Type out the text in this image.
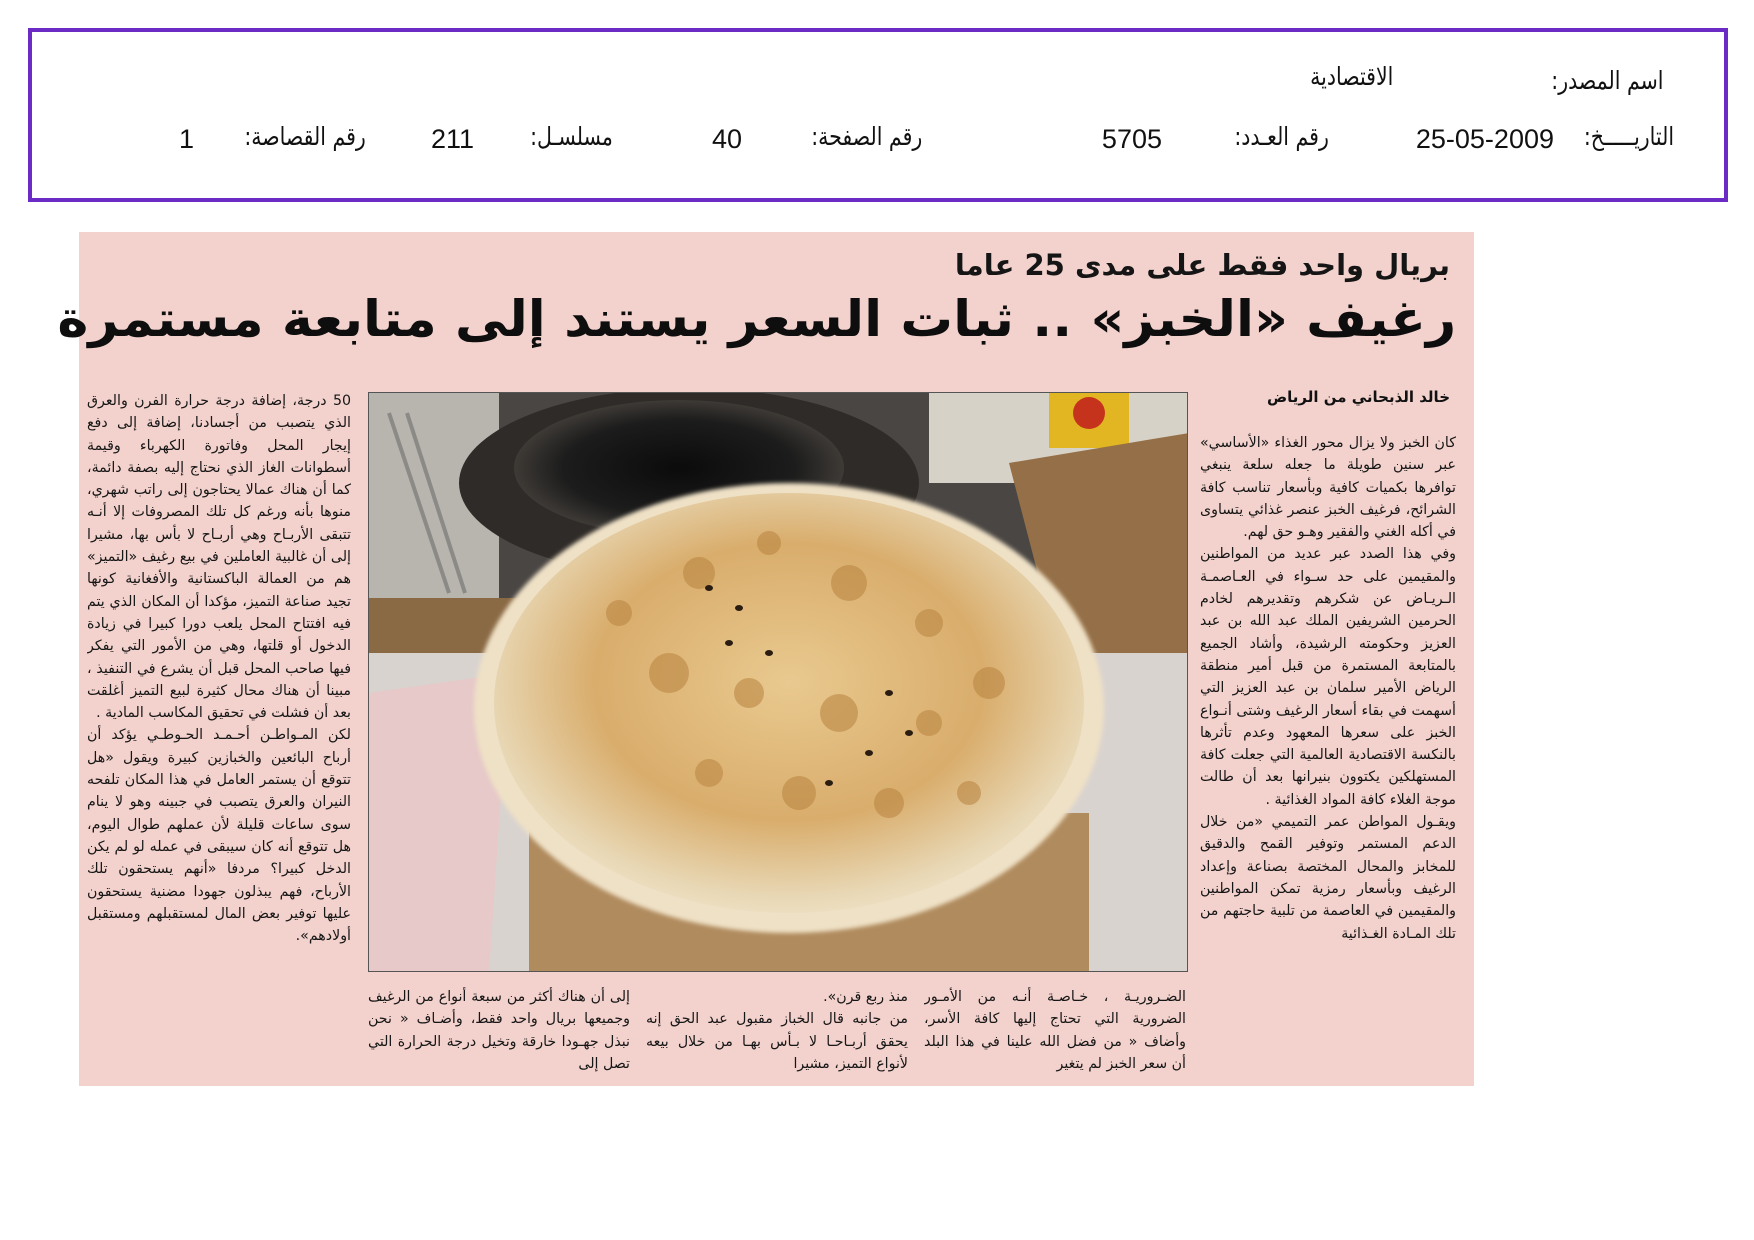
اسم المصدر:
الاقتصادية
التاريـــــخ:
25-05-2009
رقم العـدد:
5705
رقم الصفحة:
40
مسلسـل:
211
رقم القصاصة:
1
بريال واحد فقط على مدى 25 عاما
رغيف «الخبز» .. ثبات السعر يستند إلى متابعة مستمرة
خالد الذبحاني من الرياض
كان الخبز ولا يزال محور الغذاء «الأساسي» عبر سنين طويلة ما جعله سلعة ينبغي توافرها بكميات كافية وبأسعار تناسب كافة الشرائح، فرغيف الخبز عنصر غذائي يتساوى في أكله الغني والفقير وهـو حق لهم.
وفي هذا الصدد عبر عديد من المواطنين والمقيمين على حد سـواء في العـاصمـة الـريـاض عن شكرهم وتقديرهم لخادم الحرمين الشريفين الملك عبد الله بن عبد العزيز وحكومته الرشيدة، وأشاد الجميع بالمتابعة المستمرة من قبل أمير منطقة الرياض الأمير سلمان بن عبد العزيز التي أسهمت في بقاء أسعار الرغيف وشتى أنـواع الخبز على سعرها المعهود وعدم تأثرها بالنكسة الاقتصادية العالمية التي جعلت كافة المستهلكين يكتوون بنيرانها بعد أن طالت موجة الغلاء كافة المواد الغذائية .
ويقـول المواطن عمر التميمي «من خلال الدعم المستمر وتوفير القمح والدقيق للمخابز والمحال المختصة بصناعة وإعداد الرغيف وبأسعار رمزية تمكن المواطنين والمقيمين في العاصمة من تلبية حاجتهم من تلك المـادة الغـذائية
50 درجة، إضافة درجة حرارة الفرن والعرق الذي يتصبب من أجسادنا، إضافة إلى دفع إيجار المحل وفاتورة الكهرباء وقيمة أسطوانات الغاز الذي نحتاج إليه بصفة دائمة، كما أن هناك عمالا يحتاجون إلى راتب شهري، منوها بأنه ورغم كل تلك المصروفات إلا أنـه تتبقى الأربـاح وهي أربـاح لا بأس بها، مشيرا إلى أن غالبية العاملين في بيع رغيف «التميز» هم من العمالة الباكستانية والأفغانية كونها تجيد صناعة التميز، مؤكدا أن المكان الذي يتم فيه افتتاح المحل يلعب دورا كبيرا في زيادة الدخول أو قلتها، وهي من الأمور التي يفكر فيها صاحب المحل قبل أن يشرع في التنفيذ ، مبينا أن هناك محال كثيرة لبيع التميز أغلقت بعد أن فشلت في تحقيق المكاسب المادية .
لكن المـواطـن أحـمـد الحـوطـي يؤكد أن أرباح البائعين والخبازين كبيرة ويقول «هل تتوقع أن يستمر العامل في هذا المكان تلفحه النيران والعرق يتصبب في جبينه وهو لا ينام سوى ساعات قليلة لأن عملهم طوال اليوم، هل تتوقع أنه كان سيبقى في عمله لو لم يكن الدخل كبيرا؟ مردفا «أنهم يستحقون تلك الأرباح، فهم يبذلون جهودا مضنية يستحقون عليها توفير بعض المال لمستقبلهم ومستقبل أولادهم».
الضـروريـة ، خـاصـة أنـه من الأمـور الضرورية التي تحتاج إليها كافة الأسر، وأضاف « من فضل الله علينا في هذا البلد أن سعر الخبز لم يتغير
منذ ربع قرن».
من جانبه قال الخباز مقبول عبد الحق إنه يحقق أربـاحـا لا بـأس بهـا من خلال بيعه لأنواع التميز، مشيرا
إلى أن هناك أكثر من سبعة أنواع من الرغيف وجميعها بريال واحد فقط، وأضـاف « نحن نبذل جهـودا خارقة وتخيل درجة الحرارة التي تصل إلى
